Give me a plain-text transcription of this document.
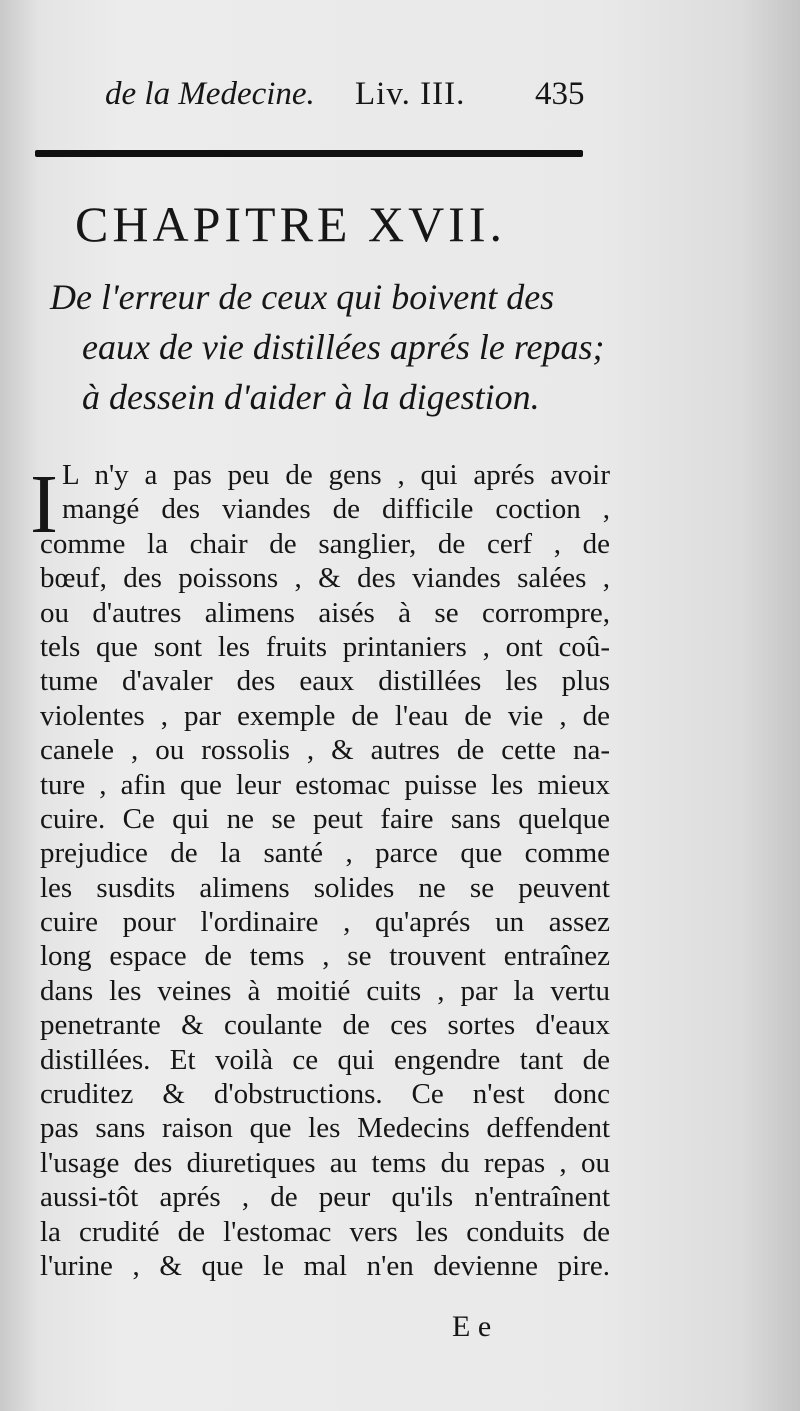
de la Medecine. Liv. III. 435
CHAPITRE XVII.
De l'erreur de ceux qui boivent des
eaux de vie distillées aprés le repas;
à dessein d'aider à la digestion.
I L n'y a pas peu de gens , qui aprés avoir
mangé des viandes de difficile coction ,
comme la chair de sanglier, de cerf , de
bœuf, des poissons , & des viandes salées ,
ou d'autres alimens aisés à se corrompre,
tels que sont les fruits printaniers , ont coû-
tume d'avaler des eaux distillées les plus
violentes , par exemple de l'eau de vie , de
canele , ou rossolis , & autres de cette na-
ture , afin que leur estomac puisse les mieux
cuire. Ce qui ne se peut faire sans quelque
prejudice de la santé , parce que comme
les susdits alimens solides ne se peuvent
cuire pour l'ordinaire , qu'aprés un assez
long espace de tems , se trouvent entraînez
dans les veines à moitié cuits , par la vertu
penetrante & coulante de ces sortes d'eaux
distillées. Et voilà ce qui engendre tant de
cruditez & d'obstructions. Ce n'est donc
pas sans raison que les Medecins deffendent
l'usage des diuretiques au tems du repas , ou
aussi-tôt aprés , de peur qu'ils n'entraînent
la crudité de l'estomac vers les conduits de
l'urine , & que le mal n'en devienne pire.
E e
